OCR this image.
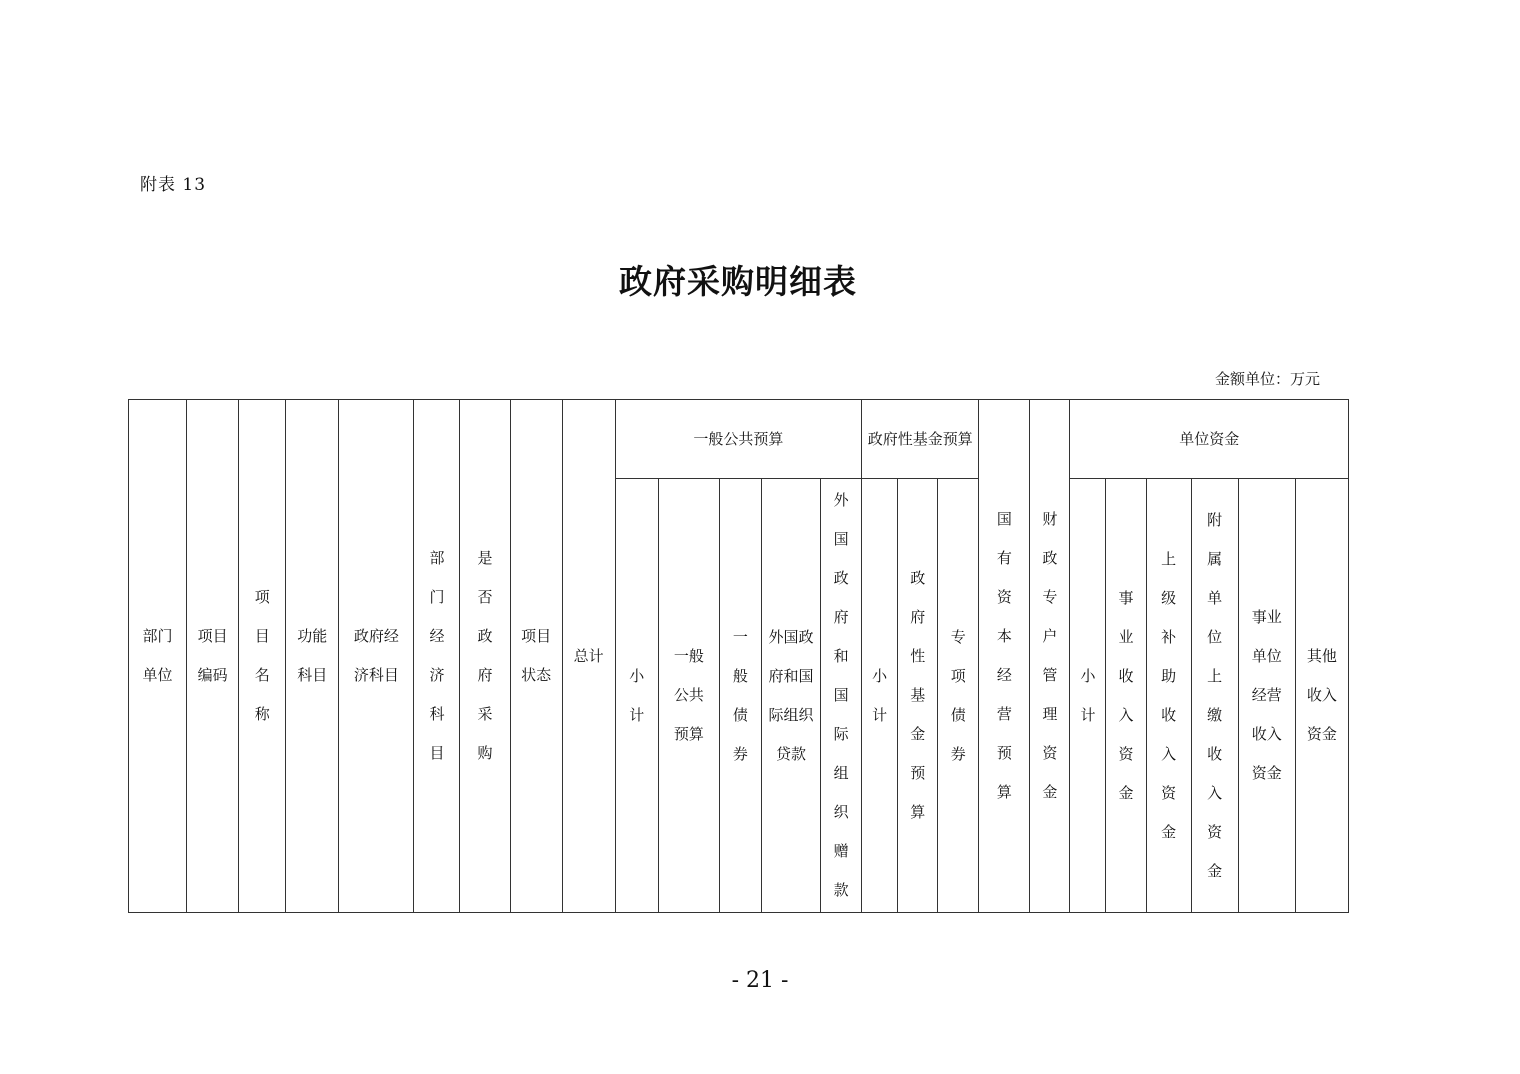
附表 13
政府采购明细表
金额单位：万元
部门单位	项目编码	项目名称	功能科目	政府经济科目	部门经济科目	是否政府采购	项目状态	总计	一般公共预算					政府性基金预算			国有资本经营预算	财政专户管理资金	单位资金					

									小计	一般公共预算	一般债券	外国政府和国际组织贷款	外国政府和国际组织赠款	小计	政府性基金预算	专项债券			小计	事业收入资金	上级补助收入资金	附属单位上缴收入资金	事业单位经营收入资金	其他收入资金
- 21 -
